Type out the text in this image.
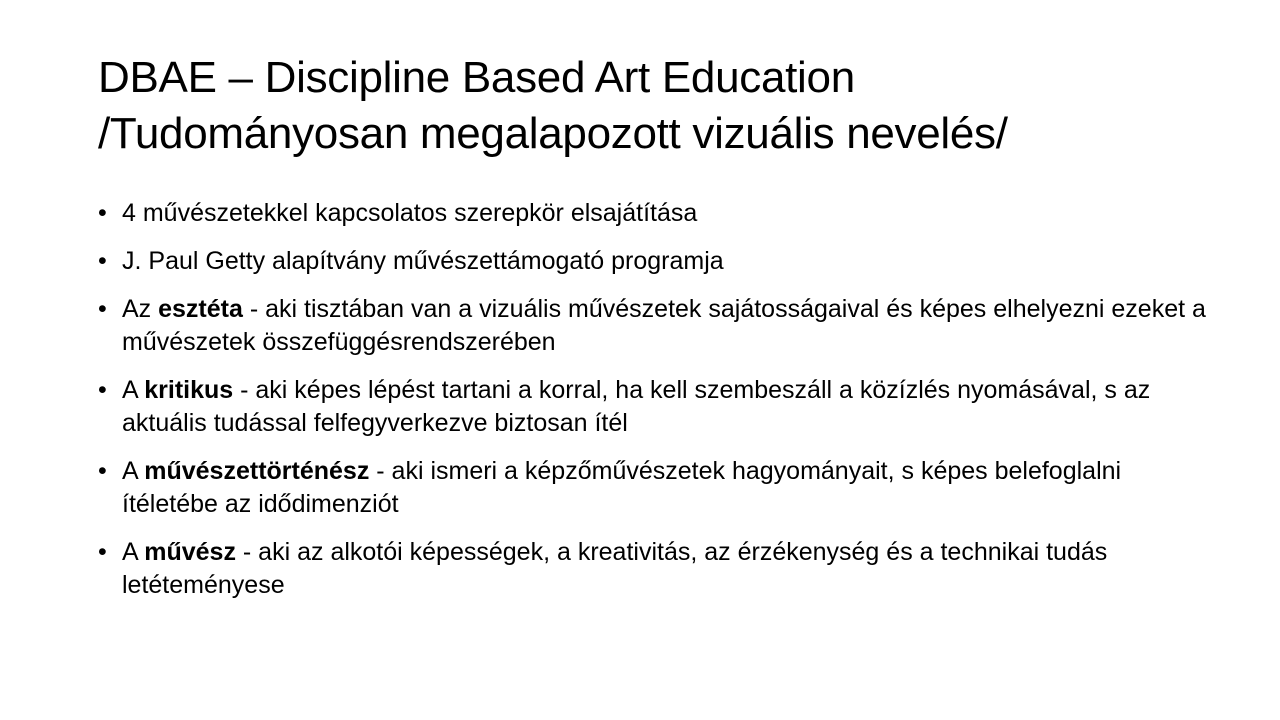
DBAE – Discipline Based Art Education
/Tudományosan megalapozott vizuális nevelés/
• 4 művészetekkel kapcsolatos szerepkör elsajátítása
• J. Paul Getty alapítvány művészettámogató programja
• Az esztéta - aki tisztában van a vizuális művészetek sajátosságaival és képes elhelyezni ezeket a művészetek összefüggésrendszerében
• A kritikus - aki képes lépést tartani a korral, ha kell szembeszáll a közízlés nyomásával, s az aktuális tudással felfegyverkezve biztosan ítél
• A művészettörténész - aki ismeri a képzőművészetek hagyományait, s képes belefoglalni ítéletébe az idődimenziót
• A művész - aki az alkotói képességek, a kreativitás, az érzékenység és a technikai tudás letéteményese
